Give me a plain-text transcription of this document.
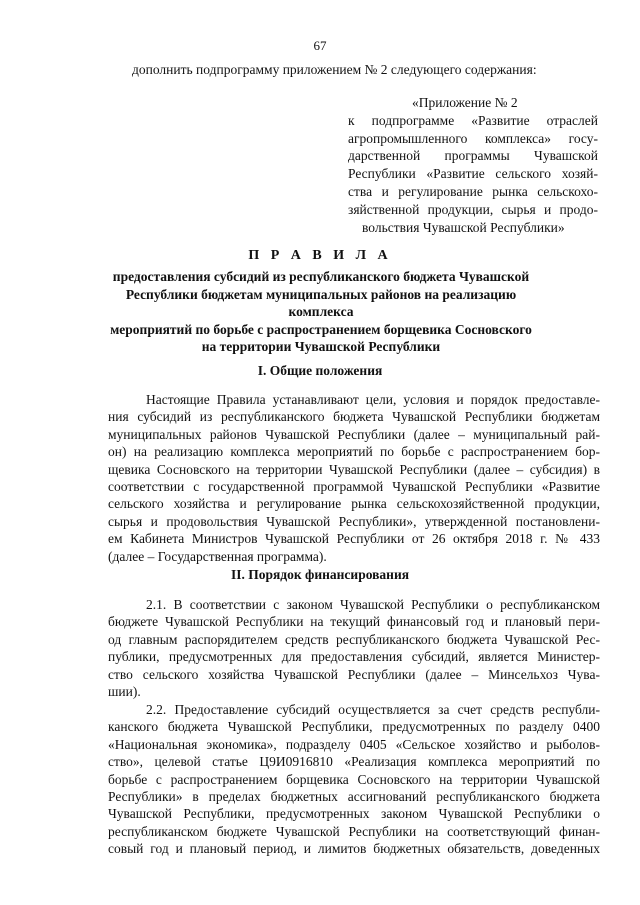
67
дополнить подпрограмму приложением № 2 следующего содержания:
«Приложение № 2
к подпрограмме «Развитие отраслей
агропромышленного комплекса» госу-
дарственной программы Чувашской
Республики «Развитие сельского хозяй-
ства и регулирование рынка сельскохо-
зяйственной продукции, сырья и продо-
вольствия Чувашской Республики»
П Р А В И Л А
предоставления субсидий из республиканского бюджета Чувашской
Республики бюджетам муниципальных районов на реализацию комплекса
мероприятий по борьбе с распространением борщевика Сосновского
на территории Чувашской Республики
I. Общие положения
Настоящие Правила устанавливают цели, условия и порядок предоставле-
ния субсидий из республиканского бюджета Чувашской Республики бюджетам
муниципальных районов Чувашской Республики (далее – муниципальный рай-
он) на реализацию комплекса мероприятий по борьбе с распространением бор-
щевика Сосновского на территории Чувашской Республики (далее – субсидия) в
соответствии с государственной программой Чувашской Республики «Развитие
сельского хозяйства и регулирование рынка сельскохозяйственной продукции,
сырья и продовольствия Чувашской Республики», утвержденной постановлени-
ем Кабинета Министров Чувашской Республики от 26 октября 2018 г. № 433
(далее – Государственная программа).
II. Порядок финансирования
2.1. В соответствии с законом Чувашской Республики о республиканском
бюджете Чувашской Республики на текущий финансовый год и плановый пери-
од главным распорядителем средств республиканского бюджета Чувашской Рес-
публики, предусмотренных для предоставления субсидий, является Министер-
ство сельского хозяйства Чувашской Республики (далее – Минсельхоз Чува-
шии).
2.2. Предоставление субсидий осуществляется за счет средств республи-
канского бюджета Чувашской Республики, предусмотренных по разделу 0400
«Национальная экономика», подразделу 0405 «Сельское хозяйство и рыболов-
ство», целевой статье Ц9И0916810 «Реализация комплекса мероприятий по
борьбе с распространением борщевика Сосновского на территории Чувашской
Республики» в пределах бюджетных ассигнований республиканского бюджета
Чувашской Республики, предусмотренных законом Чувашской Республики о
республиканском бюджете Чувашской Республики на соответствующий финан-
совый год и плановый период, и лимитов бюджетных обязательств, доведенных
